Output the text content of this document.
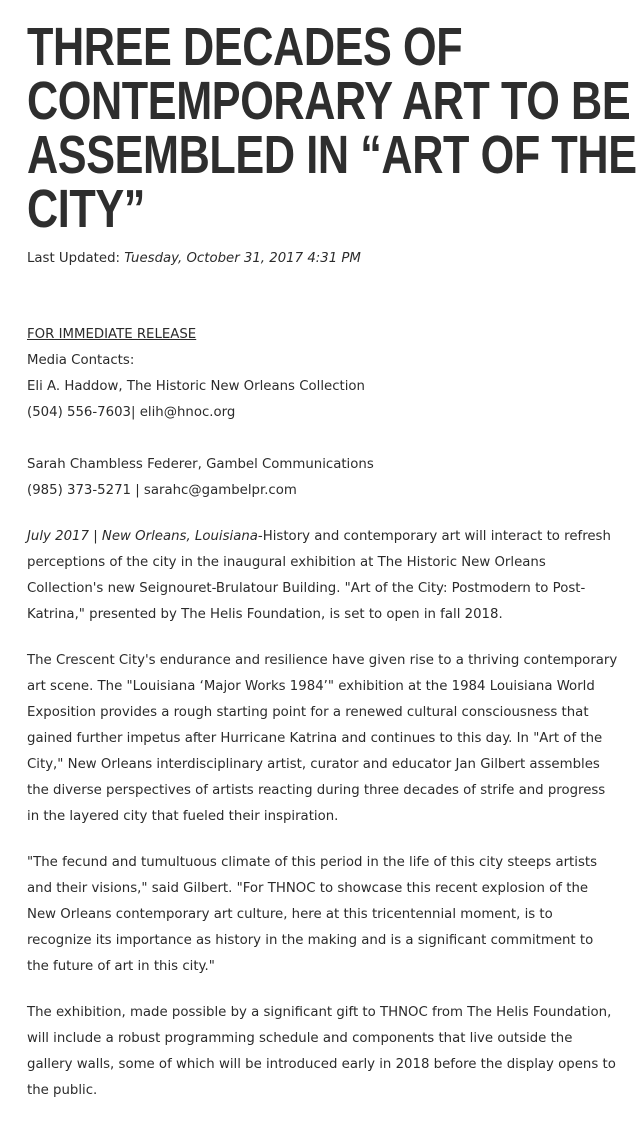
THREE DECADES OF
CONTEMPORARY ART TO BE
ASSEMBLED IN “ART OF THE
CITY”
Last Updated: Tuesday, October 31, 2017 4:31 PM
FOR IMMEDIATE RELEASE
Media Contacts:
Eli A. Haddow, The Historic New Orleans Collection
(504) 556-7603| elih@hnoc.org
Sarah Chambless Federer, Gambel Communications
(985) 373-5271 | sarahc@gambelpr.com

July 2017 | New Orleans, Louisiana-History and contemporary art will interact to refresh
perceptions of the city in the inaugural exhibition at The Historic New Orleans
Collection's new Seignouret-Brulatour Building. "Art of the City: Postmodern to Post-
Katrina," presented by The Helis Foundation, is set to open in fall 2018.

The Crescent City's endurance and resilience have given rise to a thriving contemporary
art scene. The "Louisiana ‘Major Works 1984’" exhibition at the 1984 Louisiana World
Exposition provides a rough starting point for a renewed cultural consciousness that
gained further impetus after Hurricane Katrina and continues to this day. In "Art of the
City," New Orleans interdisciplinary artist, curator and educator Jan Gilbert assembles
the diverse perspectives of artists reacting during three decades of strife and progress
in the layered city that fueled their inspiration.

"The fecund and tumultuous climate of this period in the life of this city steeps artists
and their visions," said Gilbert. "For THNOC to showcase this recent explosion of the
New Orleans contemporary art culture, here at this tricentennial moment, is to
recognize its importance as history in the making and is a significant commitment to
the future of art in this city."

The exhibition, made possible by a significant gift to THNOC from The Helis Foundation,
will include a robust programming schedule and components that live outside the
gallery walls, some of which will be introduced early in 2018 before the display opens to
the public.
